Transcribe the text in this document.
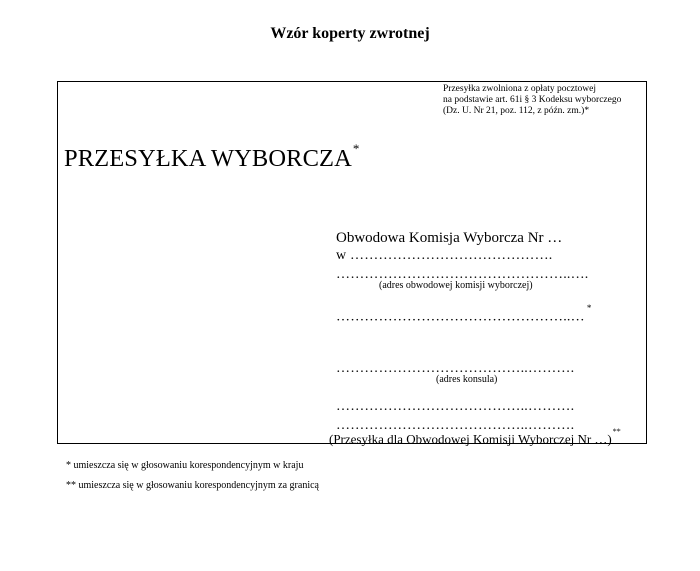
Wzór koperty zwrotnej
Przesyłka zwolniona z opłaty pocztowej
na podstawie art. 61i § 3 Kodeksu wyborczego
(Dz. U. Nr 21, poz. 112, z późn. zm.)*
PRZESYŁKA WYBORCZA*
Obwodowa Komisja Wyborcza Nr …
w …………………………………….
…………………………………………..….
(adres obwodowej komisji wyborczej)
…………………………………………..…*
…………………………………..……….
(adres konsula)
…………………………………..……….
…………………………………..……….
(Przesyłka dla Obwodowej Komisji Wyborczej Nr …)**
* umieszcza się w głosowaniu korespondencyjnym w kraju
** umieszcza się w głosowaniu korespondencyjnym za granicą
